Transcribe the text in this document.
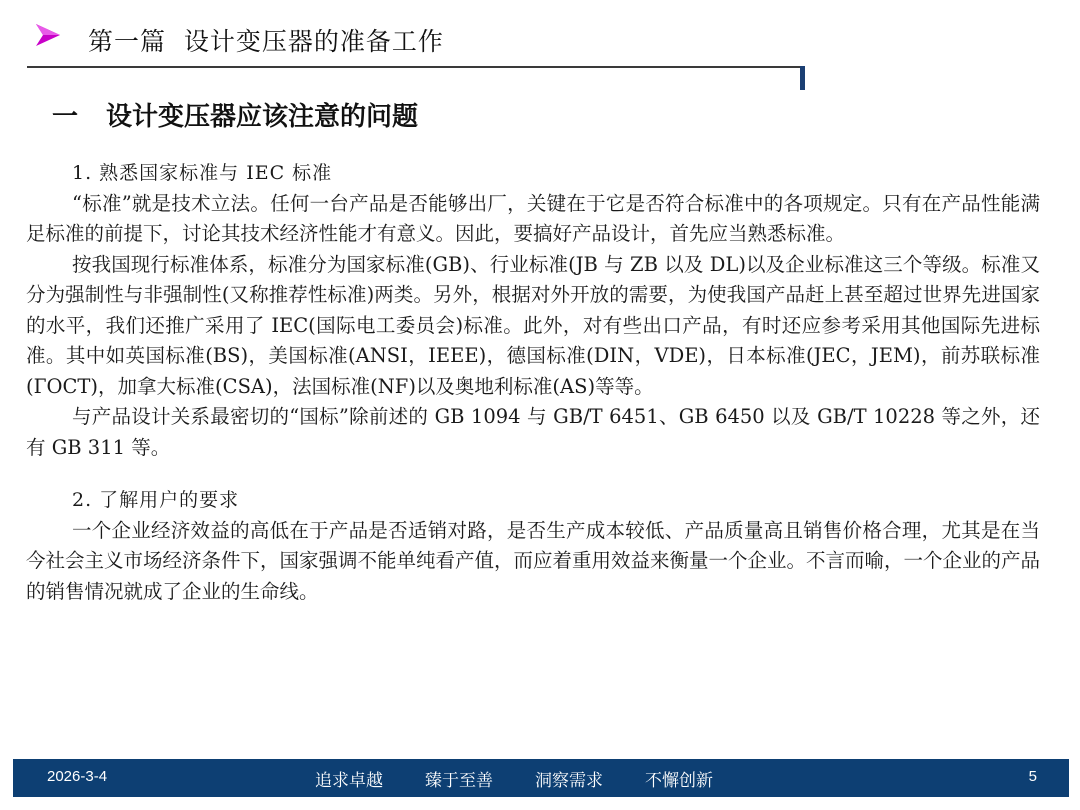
第一篇  设计变压器的准备工作
一 设计变压器应该注意的问题

1. 熟悉国家标准与 IEC 标准

“标准”就是技术立法。任何一台产品是否能够出厂，关键在于它是否符合标准中的各项规定。只有在产品性能满足标准的前提下，讨论其技术经济性能才有意义。因此，要搞好产品设计，首先应当熟悉标准。

按我国现行标准体系，标准分为国家标准(GB)、行业标准(JB 与 ZB 以及 DL)以及企业标准这三个等级。标准又分为强制性与非强制性(又称推荐性标准)两类。另外，根据对外开放的需要，为使我国产品赶上甚至超过世界先进国家的水平，我们还推广采用了 IEC(国际电工委员会)标准。此外，对有些出口产品，有时还应参考采用其他国际先进标准。其中如英国标准(BS)，美国标准(ANSI，IEEE)，德国标准(DIN，VDE)，日本标准(JEC，JEM)，前苏联标准(ГОСТ)，加拿大标准(CSA)，法国标准(NF)以及奥地利标准(AS)等等。

与产品设计关系最密切的“国标”除前述的 GB 1094 与 GB/T 6451、GB 6450 以及 GB/T 10228 等之外，还有 GB 311 等。

2. 了解用户的要求

一个企业经济效益的高低在于产品是否适销对路，是否生产成本较低、产品质量高且销售价格合理，尤其是在当今社会主义市场经济条件下，国家强调不能单纯看产值，而应着重用效益来衡量一个企业。不言而喻，一个企业的产品的销售情况就成了企业的生命线。

2026-3-4	追求卓越 臻于至善 洞察需求 不懈创新	5
